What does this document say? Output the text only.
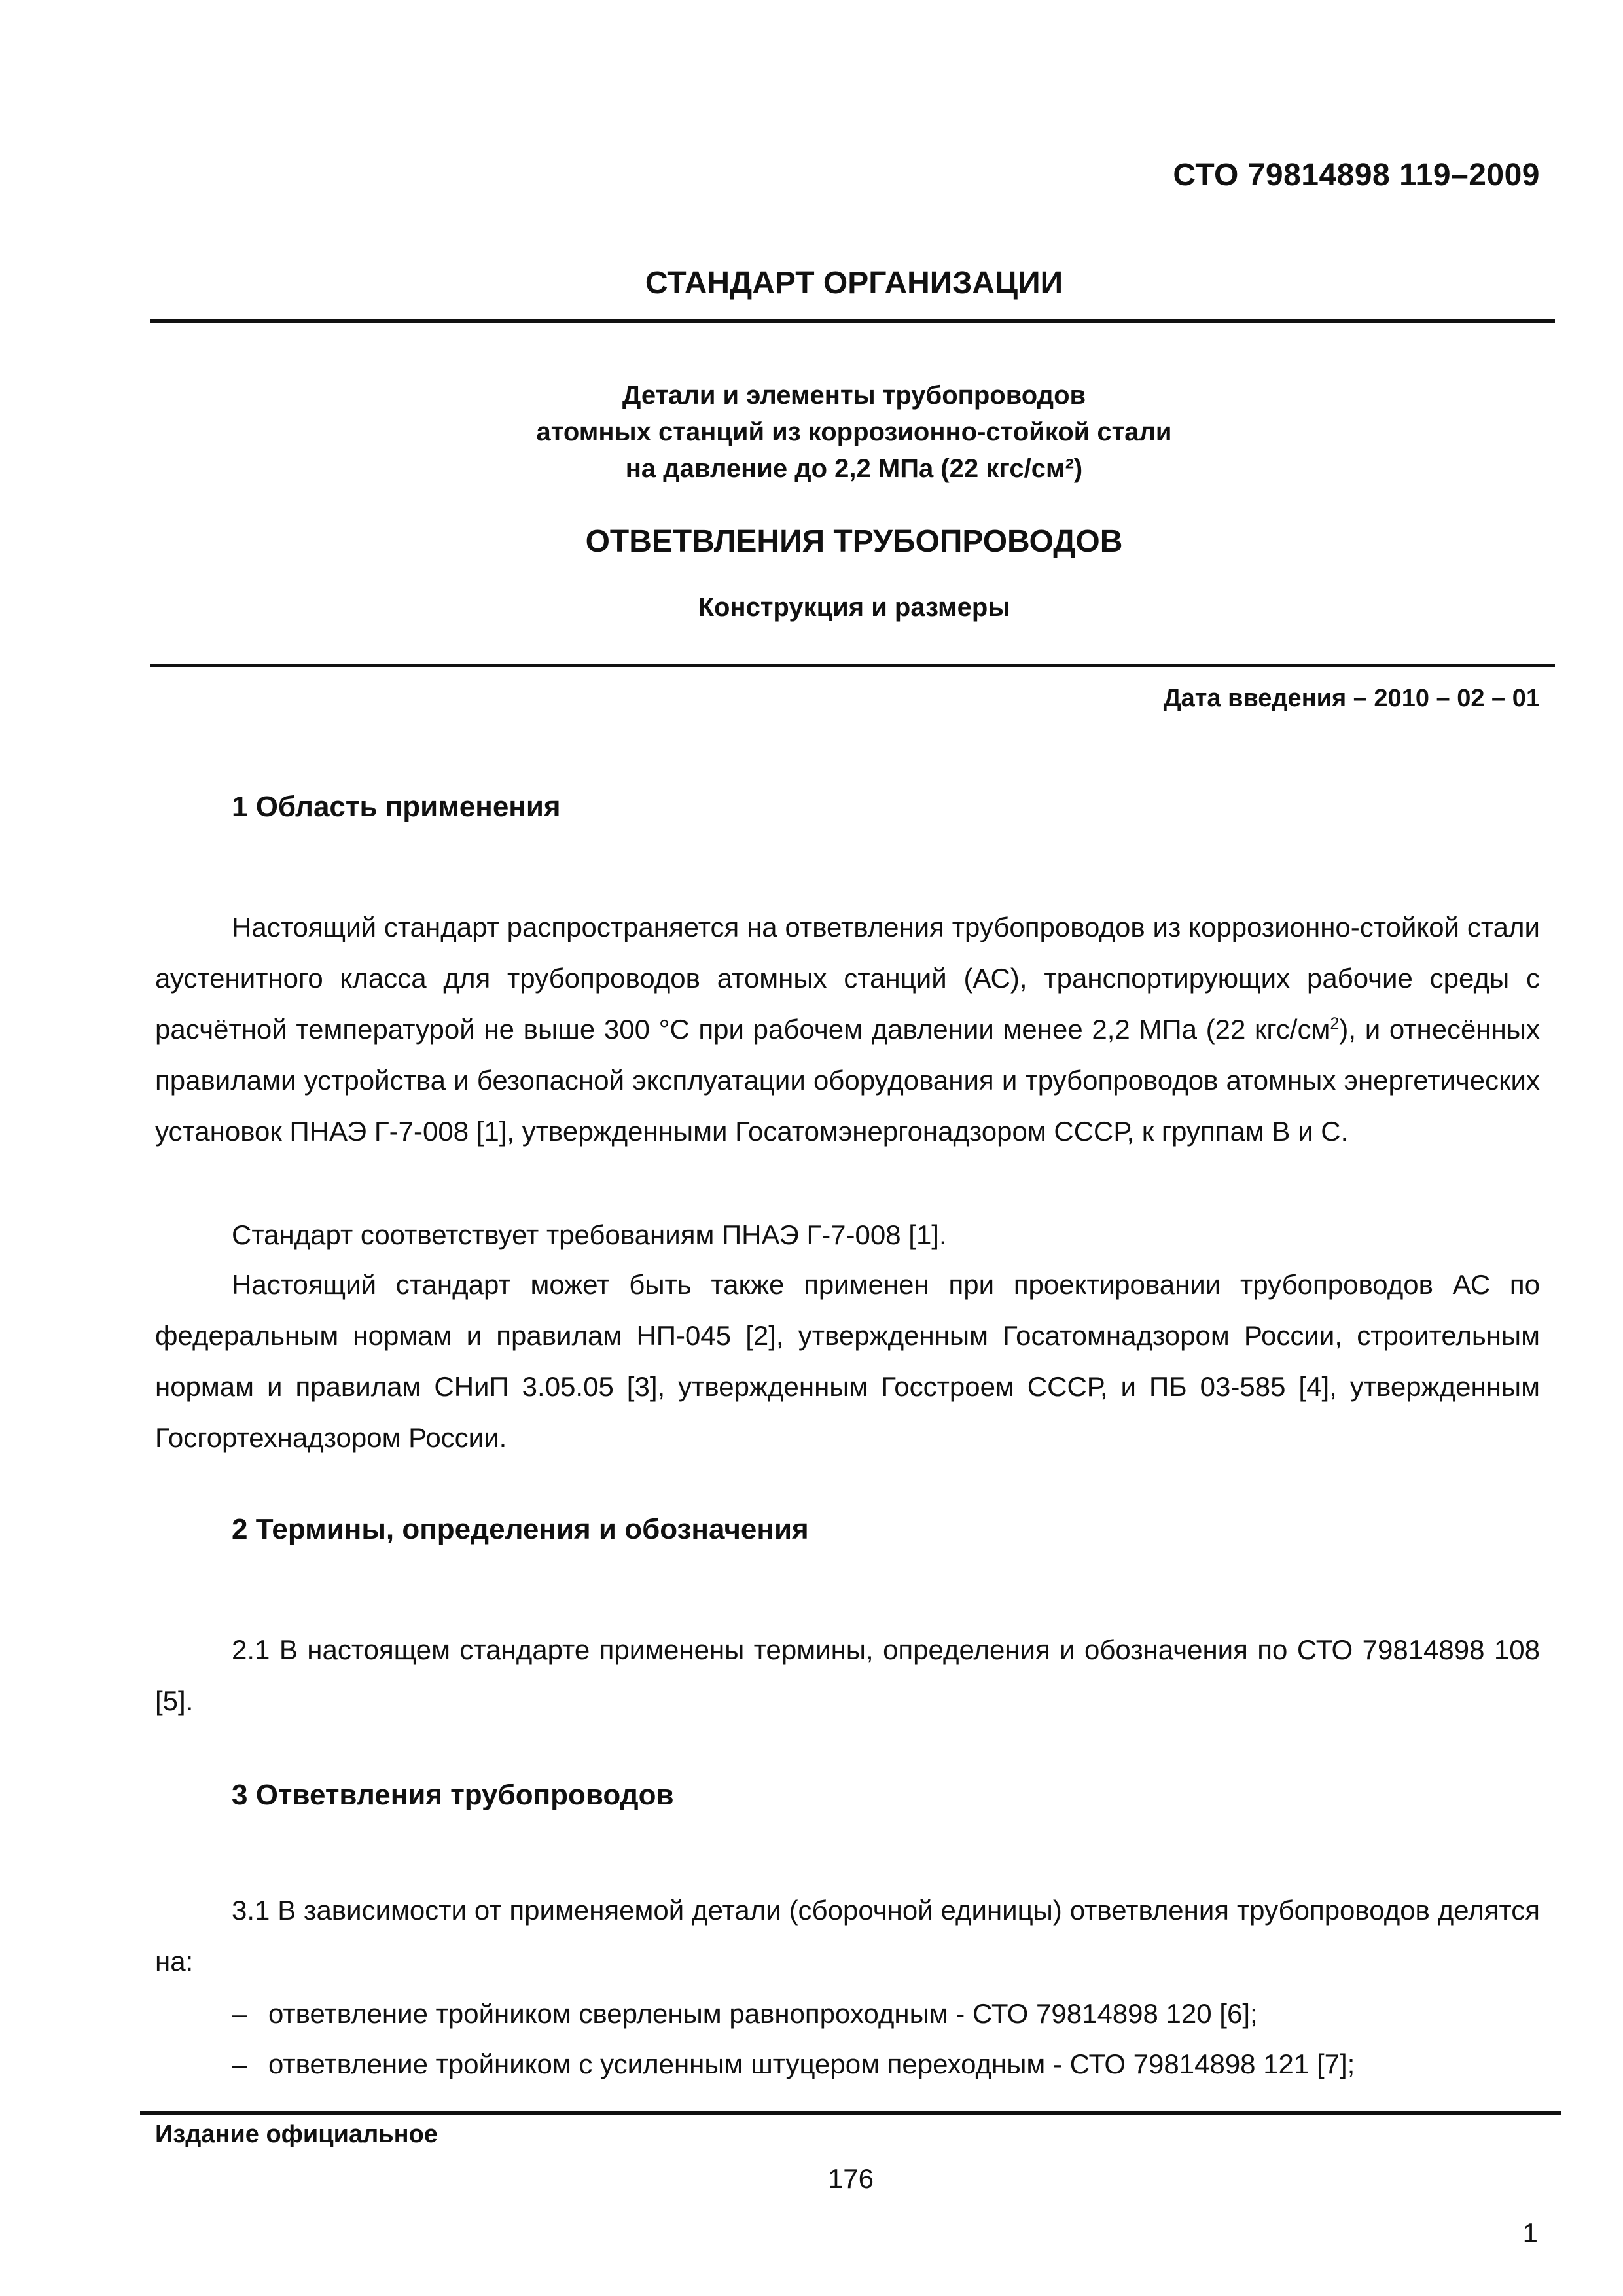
СТО 79814898 119–2009
СТАНДАРТ ОРГАНИЗАЦИИ
Детали и элементы трубопроводов
атомных станций из коррозионно-стойкой стали
на давление до 2,2 МПа (22 кгс/см²)
ОТВЕТВЛЕНИЯ ТРУБОПРОВОДОВ
Конструкция и размеры
Дата введения – 2010 – 02 – 01
1 Область применения
Настоящий стандарт распространяется на ответвления трубопроводов из коррозионно-стойкой стали аустенитного класса для трубопроводов атомных станций (АС), транспортирующих рабочие среды с расчётной температурой не выше 300 °С при рабочем давлении менее 2,2 МПа (22 кгс/$см^2$), и отнесённых правилами устройства и безопасной эксплуатации оборудования и трубопроводов атомных энергетических установок ПНАЭ Г-7-008 [1], утвержденными Госатомэнергонадзором СССР, к группам В и С.
Стандарт соответствует требованиям ПНАЭ Г-7-008 [1].
Настоящий стандарт может быть также применен при проектировании трубопроводов АС по федеральным нормам и правилам НП-045 [2], утвержденным Госатомнадзором России, строительным нормам и правилам СНиП 3.05.05 [3], утвержденным Госстроем СССР, и ПБ 03-585 [4], утвержденным Госгортехнадзором России.
2 Термины, определения и обозначения
2.1 В настоящем стандарте применены термины, определения и обозначения по СТО 79814898 108 [5].
3 Ответвления трубопроводов
3.1 В зависимости от применяемой детали (сборочной единицы) ответвления трубопроводов делятся на:
– ответвление тройником сверленым равнопроходным - СТО 79814898 120 [6];
– ответвление тройником с усиленным штуцером переходным - СТО 79814898 121 [7];
Издание официальное
176
1
